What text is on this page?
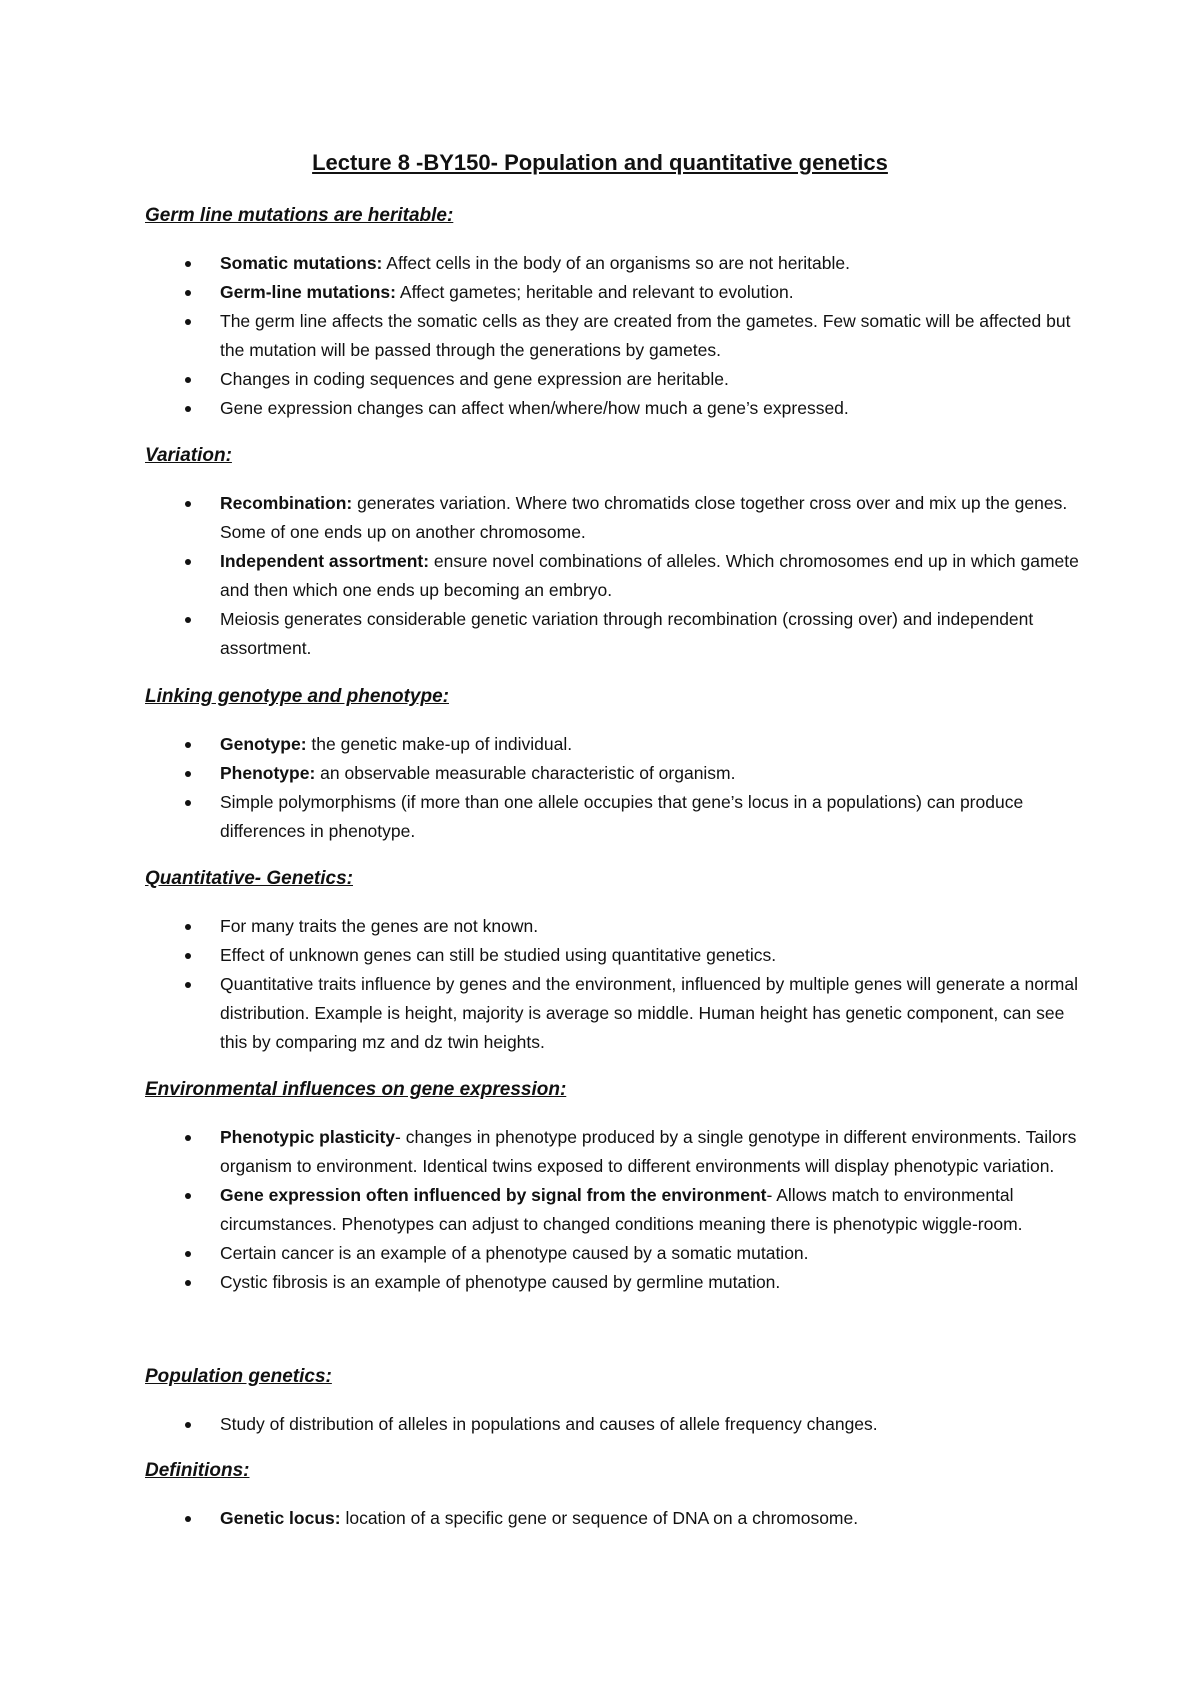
Lecture 8 -BY150- Population and quantitative genetics
Germ line mutations are heritable:
Somatic mutations: Affect cells in the body of an organisms so are not heritable.
Germ-line mutations: Affect gametes; heritable and relevant to evolution.
The germ line affects the somatic cells as they are created from the gametes. Few somatic will be affected but the mutation will be passed through the generations by gametes.
Changes in coding sequences and gene expression are heritable.
Gene expression changes can affect when/where/how much a gene’s expressed.
Variation:
Recombination: generates variation. Where two chromatids close together cross over and mix up the genes. Some of one ends up on another chromosome.
Independent assortment: ensure novel combinations of alleles. Which chromosomes end up in which gamete and then which one ends up becoming an embryo.
Meiosis generates considerable genetic variation through recombination (crossing over) and independent assortment.
Linking genotype and phenotype:
Genotype: the genetic make-up of individual.
Phenotype: an observable measurable characteristic of organism.
Simple polymorphisms (if more than one allele occupies that gene’s locus in a populations) can produce differences in phenotype.
Quantitative- Genetics:
For many traits the genes are not known.
Effect of unknown genes can still be studied using quantitative genetics.
Quantitative traits influence by genes and the environment, influenced by multiple genes will generate a normal distribution. Example is height, majority is average so middle. Human height has genetic component, can see this by comparing mz and dz twin heights.
Environmental influences on gene expression:
Phenotypic plasticity- changes in phenotype produced by a single genotype in different environments. Tailors organism to environment. Identical twins exposed to different environments will display phenotypic variation.
Gene expression often influenced by signal from the environment- Allows match to environmental circumstances. Phenotypes can adjust to changed conditions meaning there is phenotypic wiggle-room.
Certain cancer is an example of a phenotype caused by a somatic mutation.
Cystic fibrosis is an example of phenotype caused by germline mutation.
Population genetics:
Study of distribution of alleles in populations and causes of allele frequency changes.
Definitions:
Genetic locus: location of a specific gene or sequence of DNA on a chromosome.
